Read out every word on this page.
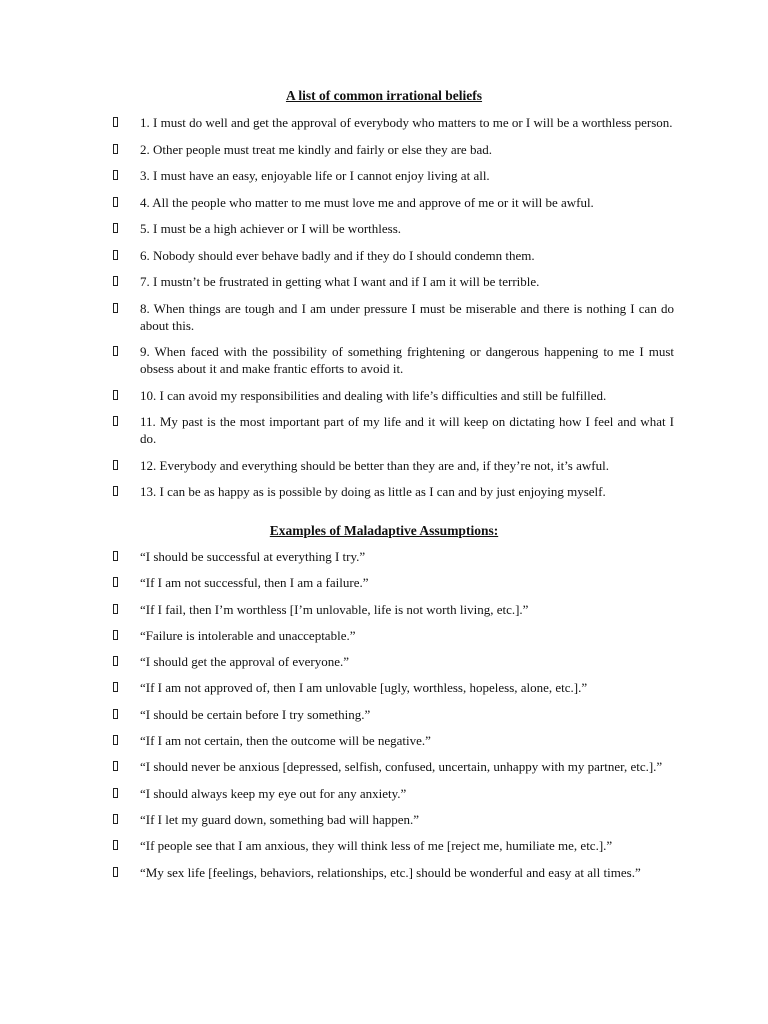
A list of common irrational beliefs
1. I must do well and get the approval of everybody who matters to me or I will be a worthless person.
2. Other people must treat me kindly and fairly or else they are bad.
3. I must have an easy, enjoyable life or I cannot enjoy living at all.
4. All the people who matter to me must love me and approve of me or it will be awful.
5. I must be a high achiever or I will be worthless.
6. Nobody should ever behave badly and if they do I should condemn them.
7. I mustn’t be frustrated in getting what I want and if I am it will be terrible.
8. When things are tough and I am under pressure I must be miserable and there is nothing I can do about this.
9. When faced with the possibility of something frightening or dangerous happening to me I must obsess about it and make frantic efforts to avoid it.
10. I can avoid my responsibilities and dealing with life’s difficulties and still be fulfilled.
11. My past is the most important part of my life and it will keep on dictating how I feel and what I do.
12. Everybody and everything should be better than they are and, if they’re not, it’s awful.
13. I can be as happy as is possible by doing as little as I can and by just enjoying myself.
Examples of Maladaptive Assumptions:
“I should be successful at everything I try.”
“If I am not successful, then I am a failure.”
“If I fail, then I’m worthless [I’m unlovable, life is not worth living, etc.].”
“Failure is intolerable and unacceptable.”
“I should get the approval of everyone.”
“If I am not approved of, then I am unlovable [ugly, worthless, hopeless, alone, etc.].”
“I should be certain before I try something.”
“If I am not certain, then the outcome will be negative.”
“I should never be anxious [depressed, selfish, confused, uncertain, unhappy with my partner, etc.].”
“I should always keep my eye out for any anxiety.”
“If I let my guard down, something bad will happen.”
“If people see that I am anxious, they will think less of me [reject me, humiliate me, etc.].”
“My sex life [feelings, behaviors, relationships, etc.] should be wonderful and easy at all times.”
